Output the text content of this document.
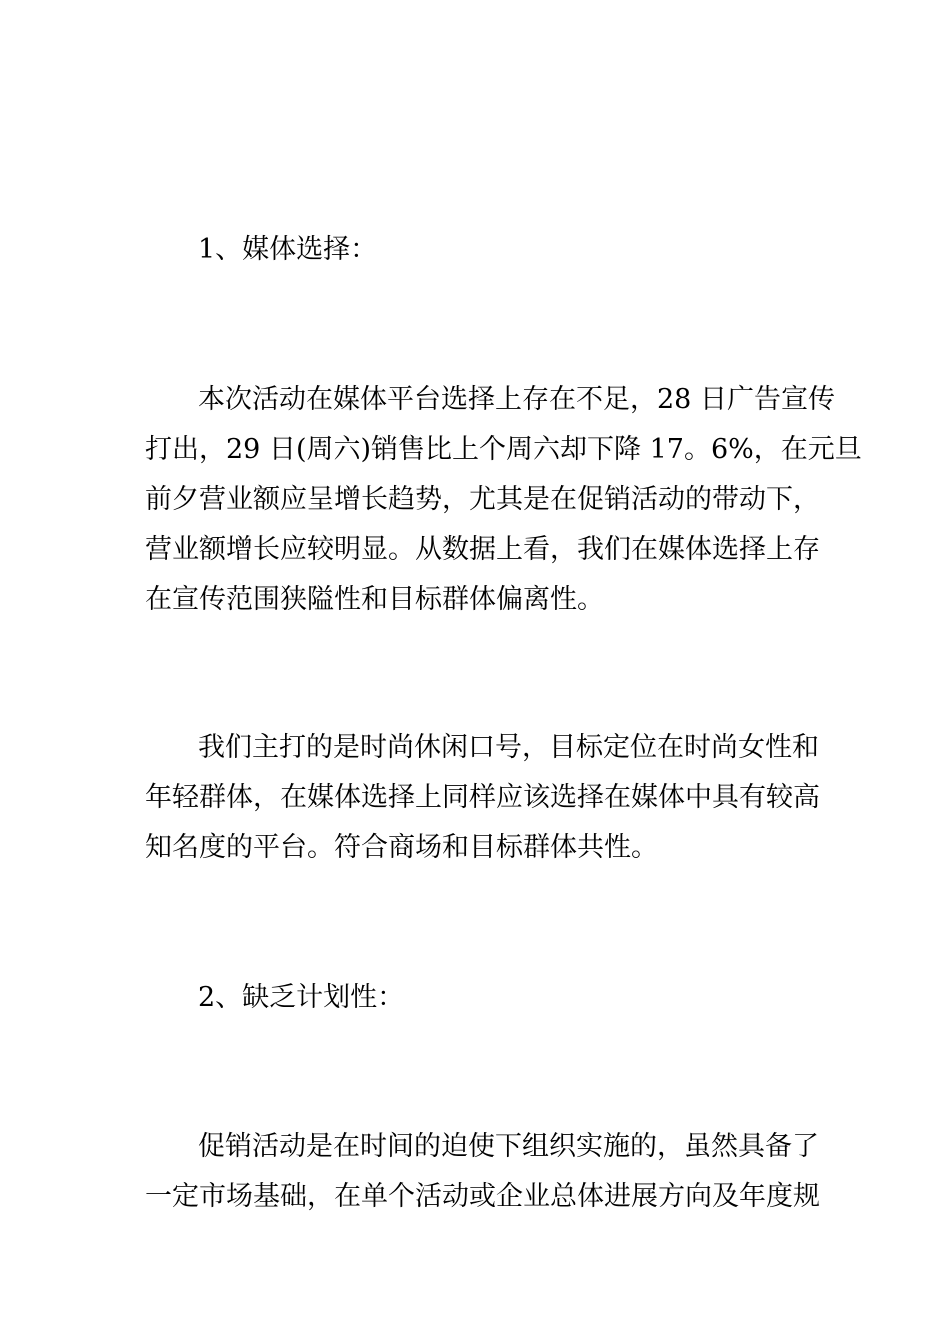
1、媒体选择：
本次活动在媒体平台选择上存在不足，28 日广告宣传
打出，29 日(周六)销售比上个周六却下降 17。6%，在元旦
前夕营业额应呈增长趋势，尤其是在促销活动的带动下，
营业额增长应较明显。从数据上看，我们在媒体选择上存
在宣传范围狭隘性和目标群体偏离性。
我们主打的是时尚休闲口号，目标定位在时尚女性和
年轻群体，在媒体选择上同样应该选择在媒体中具有较高
知名度的平台。符合商场和目标群体共性。
2、缺乏计划性：
促销活动是在时间的迫使下组织实施的，虽然具备了
一定市场基础，在单个活动或企业总体进展方向及年度规
